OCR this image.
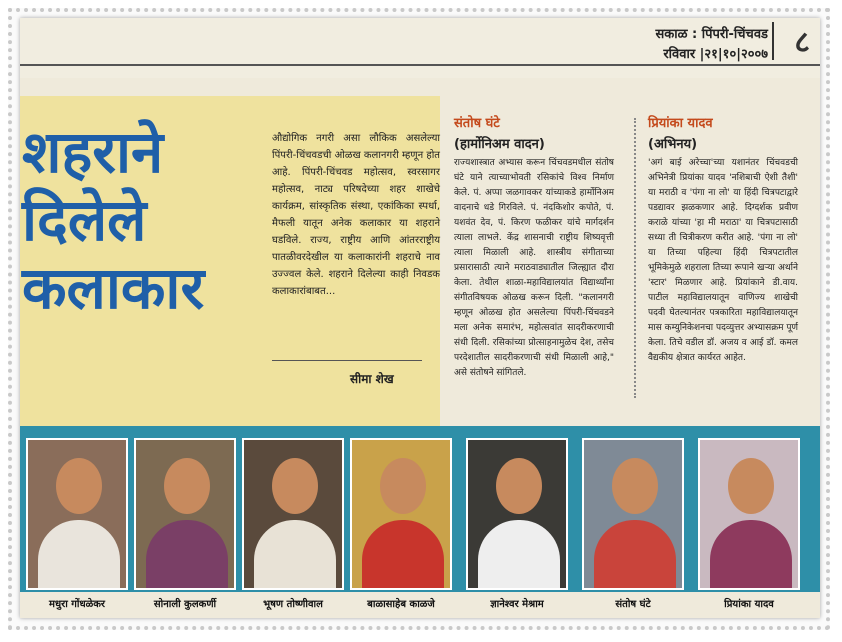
सकाळ : पिंपरी-चिंचवड
रविवार |२१|१०|२००७ ८
शहराने
दिलेले
कलाकार
औद्योगिक नगरी असा लौकिक असलेल्या पिंपरी-चिंचवडची ओळख कलानगरी म्हणून होत आहे. पिंपरी-चिंचवड महोत्सव, स्वरसागर महोत्सव, नाट्य परिषदेच्या शहर शाखेचे कार्यक्रम, सांस्कृतिक संस्था, एकांकिका स्पर्धा, मैफली यातून अनेक कलाकार या शहराने घडविले. राज्य, राष्ट्रीय आणि आंतरराष्ट्रीय पातळीवरदेखील या कलाकारांनी शहराचे नाव उज्ज्वल केले. शहराने दिलेल्या काही निवडक कलाकारांबाबत...
सीमा शेख
संतोष घंटे
(हार्मोनिअम वादन)
राज्यशास्त्रात अभ्यास करून चिंचवडमधील संतोष घंटे याने त्याच्याभोवती रसिकांचे विश्‍व निर्माण केले. पं. अप्पा जळगावकर यांच्याकडे हार्मोनिअम वादनाचे धडे गिरविले. पं. नंदकिशोर कपोते, पं. यशवंत देव, पं. किरण फळीकर यांचे मार्गदर्शन त्याला लाभले. केंद्र शासनाची राष्ट्रीय शिष्यवृत्ती त्याला मिळाली आहे. शास्त्रीय संगीताच्या प्रसारासाठी त्याने मराठवाड्यातील जिल्ह्यात दौरा केला. तेथील शाळा-महाविद्यालयांत विद्यार्थ्यांना संगीतविषयक ओळख करून दिली. "कलानगरी म्हणून ओळख होत असलेल्या पिंपरी-चिंचवडने मला अनेक समारंभ, महोत्सवांत सादरीकरणाची संधी दिली. रसिकांच्या प्रोत्साहनामुळेच देश, तसेच परदेशातील सादरीकरणाची संधी मिळाली आहे," असे संतोषने सांगितले.
प्रियांका यादव
(अभिनय)
'अगं बाई अरेच्चा'च्या यशानंतर चिंचवडची अभिनेत्री प्रियांका यादव 'नशिबाची ऐशी तैशी' या मराठी व 'पंगा ना लो' या हिंदी चित्रपटाद्वारे पडद्यावर झळकणार आहे. दिग्दर्शक प्रवीण कराळे यांच्या 'हा मी मराठा' या चित्रपटासाठी सध्या ती चित्रीकरण करीत आहे. 'पंगा ना लो' या तिच्या पहिल्या हिंदी चित्रपटातील भूमिकेमुळे शहराला तिच्या रूपाने खऱ्या अर्थाने 'स्टार' मिळणार आहे. प्रियांकाने डी.वाय. पाटील महाविद्यालयातून वाणिज्य शाखेची पदवी घेतल्यानंतर पत्रकारिता महाविद्यालयातून मास कम्युनिकेशनचा पदव्युत्तर अभ्यासक्रम पूर्ण केला. तिचे वडील डॉ. अजय व आई डॉ. कमल वैद्यकीय क्षेत्रात कार्यरत आहेत.
मधुरा गोंधळेकर	सोनाली कुलकर्णी	भूषण तोष्णीवाल	बाळासाहेब काळजे	ज्ञानेश्‍वर मेश्राम	संतोष घंटे	प्रियांका यादव
